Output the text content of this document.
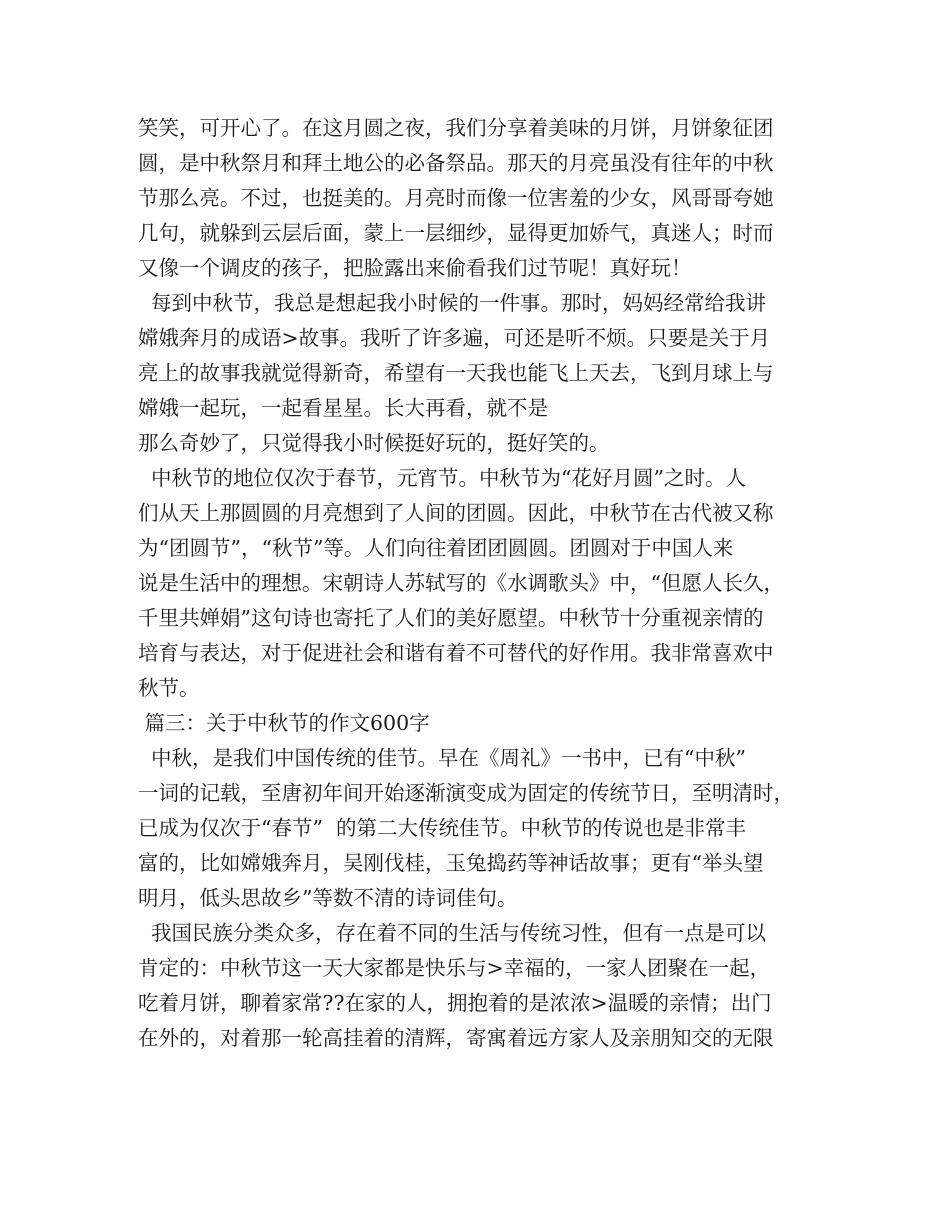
笑笑，可开心了。在这月圆之夜，我们分享着美味的月饼，月饼象征团
圆，是中秋祭月和拜土地公的必备祭品。那天的月亮虽没有往年的中秋
节那么亮。不过，也挺美的。月亮时而像一位害羞的少女，风哥哥夸她
几句，就躲到云层后面，蒙上一层细纱，显得更加娇气，真迷人；时而
又像一个调皮的孩子，把脸露出来偷看我们过节呢！真好玩！
每到中秋节，我总是想起我小时候的一件事。那时，妈妈经常给我讲
嫦娥奔月的成语>故事。我听了许多遍，可还是听不烦。只要是关于月
亮上的故事我就觉得新奇，希望有一天我也能飞上天去，飞到月球上与
嫦娥一起玩，一起看星星。长大再看，就不是
那么奇妙了，只觉得我小时候挺好玩的，挺好笑的。
中秋节的地位仅次于春节，元宵节。中秋节为“花好月圆”之时。人
们从天上那圆圆的月亮想到了人间的团圆。因此，中秋节在古代被又称
为“团圆节”，“秋节”等。人们向往着团团圆圆。团圆对于中国人来
说是生活中的理想。宋朝诗人苏轼写的《水调歌头》中，“但愿人长久，
千里共婵娟”这句诗也寄托了人们的美好愿望。中秋节十分重视亲情的
培育与表达，对于促进社会和谐有着不可替代的好作用。我非常喜欢中
秋节。
篇三：关于中秋节的作文600字
中秋，是我们中国传统的佳节。早在《周礼》一书中，已有“中秋”
一词的记载，至唐初年间开始逐渐演变成为固定的传统节日，至明清时，
已成为仅次于“春节”  的第二大传统佳节。中秋节的传说也是非常丰
富的，比如嫦娥奔月，吴刚伐桂，玉兔捣药等神话故事；更有“举头望
明月，低头思故乡”等数不清的诗词佳句。
我国民族分类众多，存在着不同的生活与传统习性，但有一点是可以
肯定的：中秋节这一天大家都是快乐与>幸福的，一家人团聚在一起，
吃着月饼，聊着家常??在家的人，拥抱着的是浓浓>温暖的亲情；出门
在外的，对着那一轮高挂着的清辉，寄寓着远方家人及亲朋知交的无限
